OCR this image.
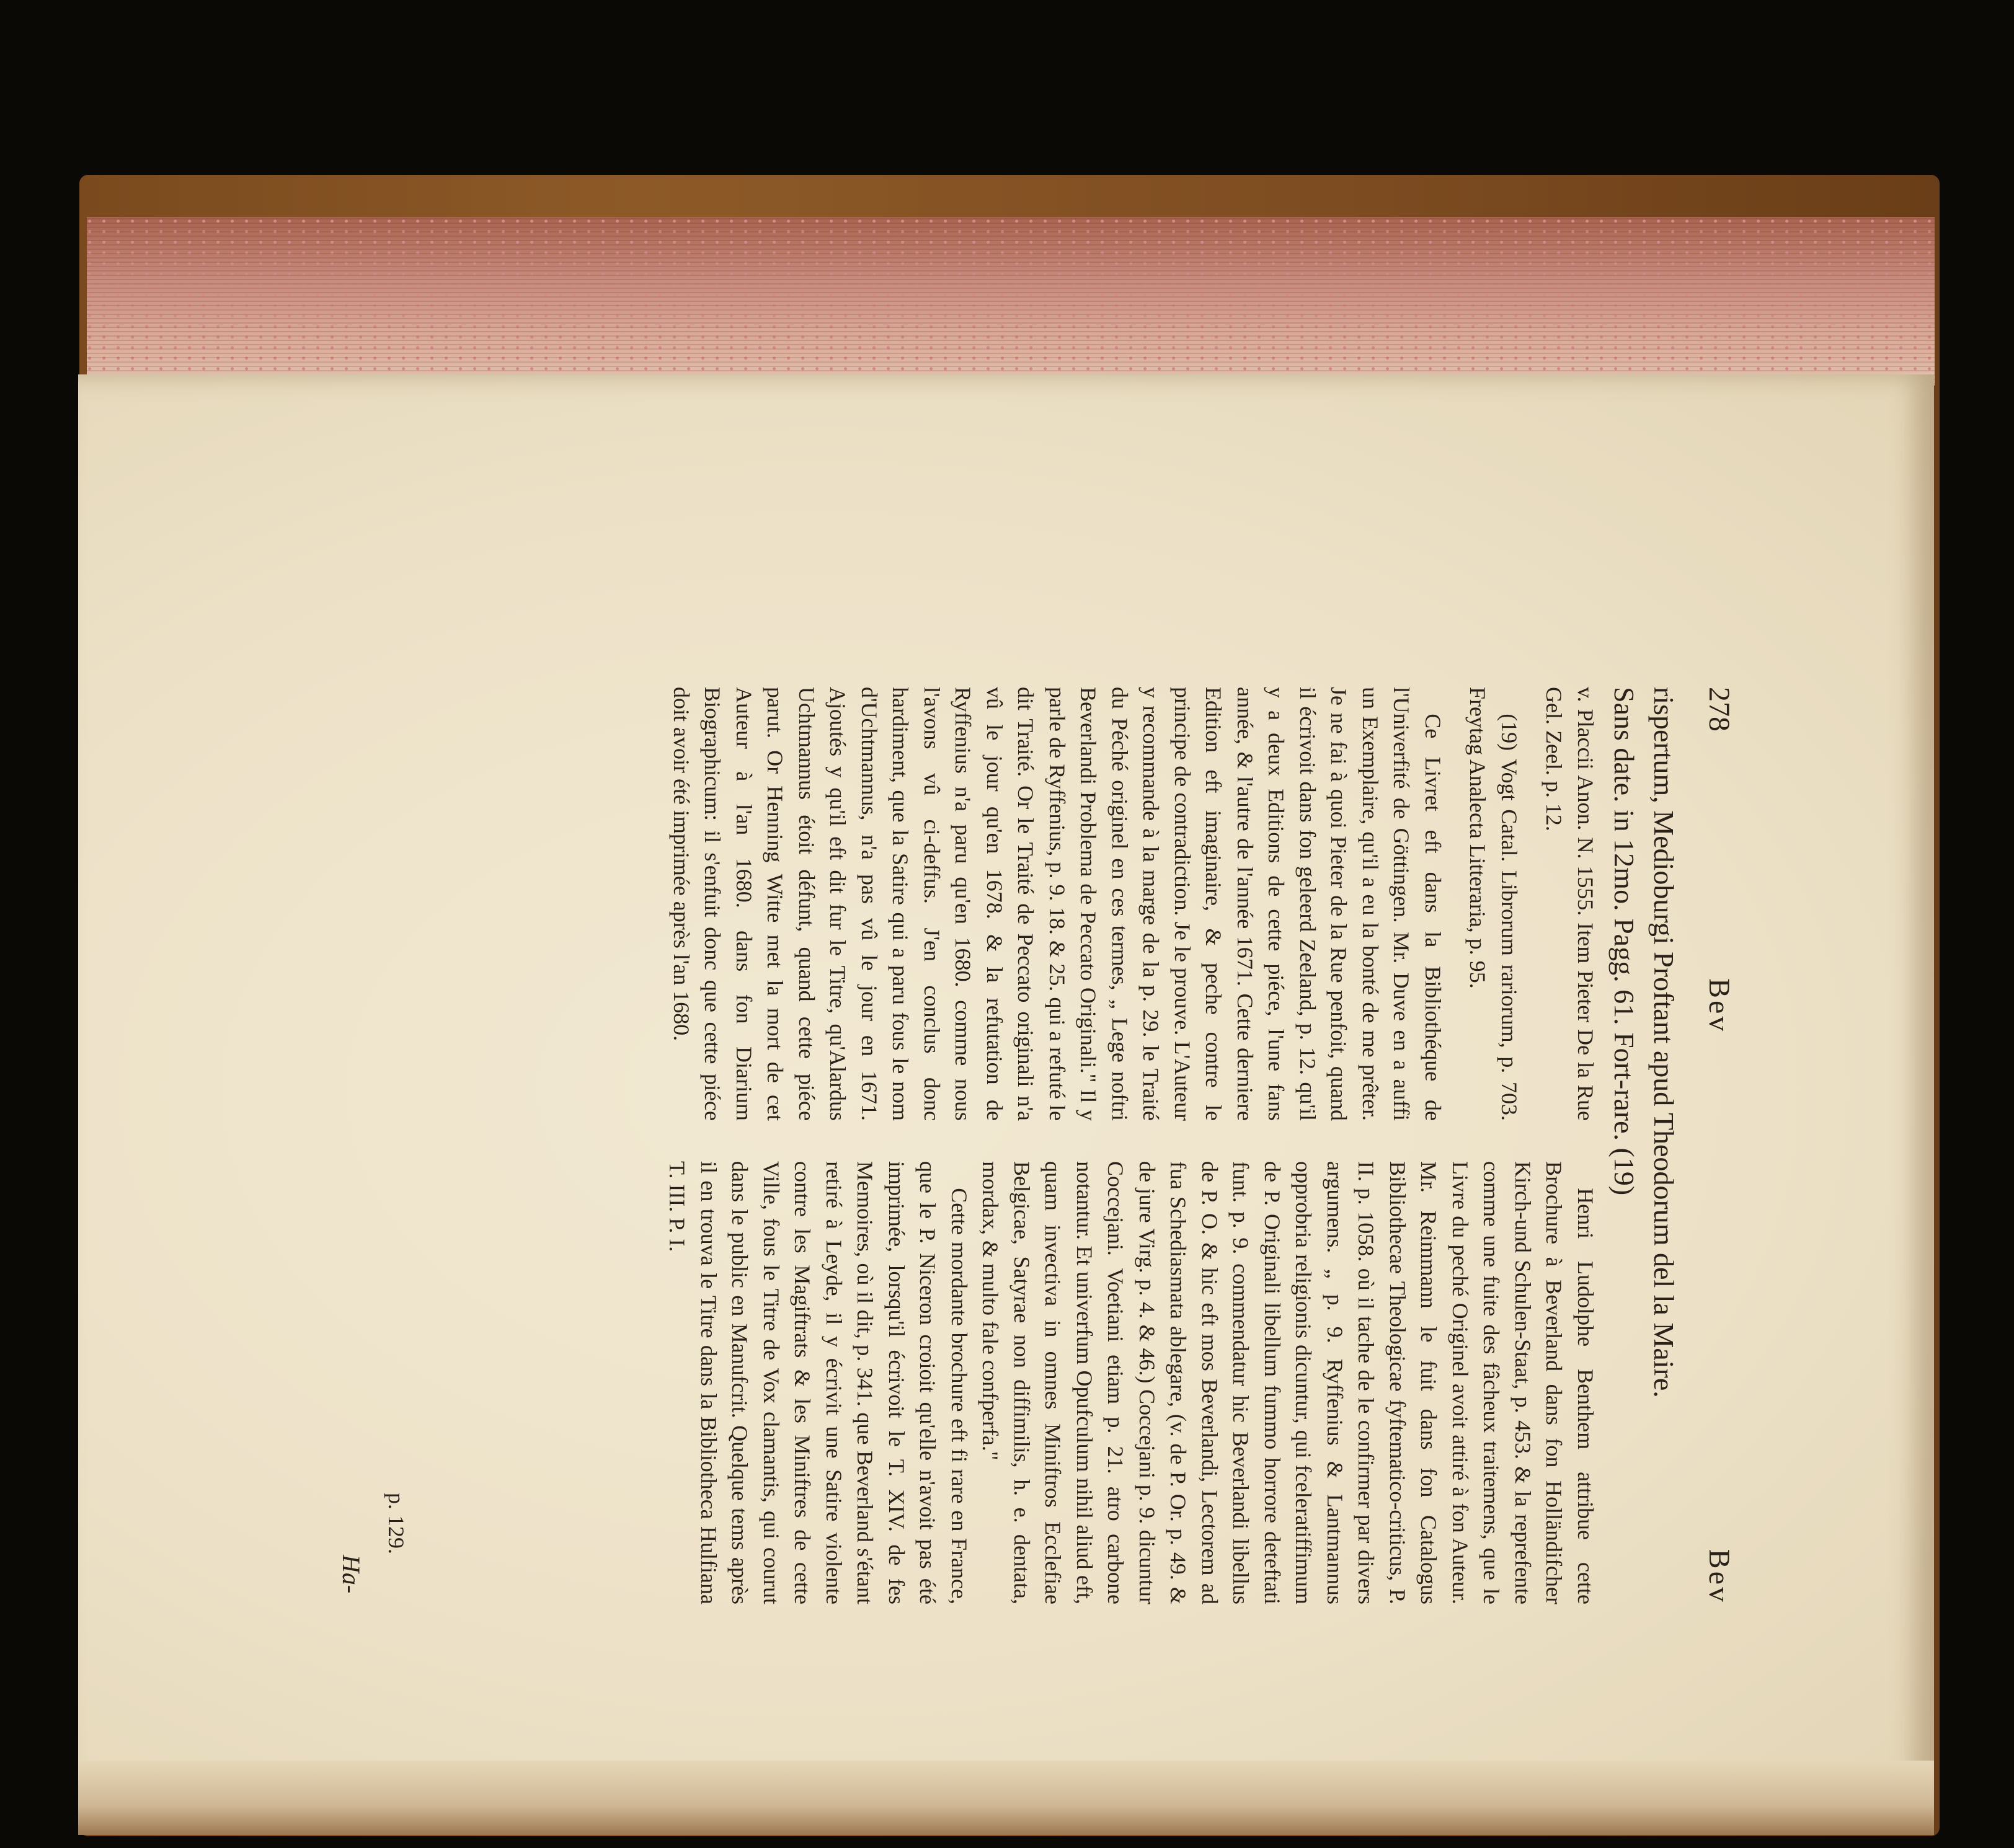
278
Bev
Bev
rispertum, Medioburgi Proftant apud Theodorum del la Maire.
Sans date. in 12mo. Pagg. 61. Fort-rare. (19)

v. Placcii Anon. N. 1555. Item Pieter De la Rue Gel. Zeel. p. 12.

(19) Vogt Catal. Librorum rariorum, p. 703. Freytag Analecta Litteraria, p. 95.

Ce Livret eft dans la Bibliothéque de l'Univerfité de Göttingen. Mr. Duve en a auffi un Exemplaire, qu'il a eu la bonté de me prêter. Je ne fai à quoi Pieter de la Rue penfoit, quand il écrivoit dans fon geleerd Zeeland, p. 12. qu'il y a deux Editions de cette piéce, l'une fans année, & l'autre de l'année 1671. Cette derniere Edition eft imaginaire, & peche contre le principe de contradiction. Je le prouve. L'Auteur y recommande à la marge de la p. 29. le Traité du Péché originel en ces termes, „ Lege noftri Beverlandi Problema de Peccato Originali." Il y parle de Ryffenius, p. 9. 18. & 25. qui a refuté le dit Traité. Or le Traité de Peccato originali n'a vû le jour qu'en 1678. & la refutation de Ryffenius n'a paru qu'en 1680. comme nous l'avons vû ci-deffus. J'en conclus donc hardiment, que la Satire qui a paru fous le nom d'Uchtmannus, n'a pas vû le jour en 1671. Ajoutés y qu'il eft dit fur le Titre, qu'Alardus Uchtmannus étoit défunt, quand cette piéce parut. Or Henning Witte met la mort de cet Auteur à l'an 1680. dans fon Diarium Biographicum: il s'enfuit donc que cette piéce doit avoir été imprimée après l'an 1680.

Henri Ludolphe Benthem attribue cette Brochure à Beverland dans fon Holländifcher Kirch-und Schulen-Staat, p. 453. & la reprefente comme une fuite des fâcheux traitemens, que le Livre du peché Originel avoit attiré à fon Auteur. Mr. Reimmann le fuit dans fon Catalogus Bibliothecae Theologicae fyftematico-criticus, P. II. p. 1058. où il tache de le confirmer par divers argumens. „ p. 9. Ryffenius & Lantmannus opprobria religionis dicuntur, qui fceleratiffimum de P. Originali libellum fummo horrore deteftati funt. p. 9. commendatur hic Beverlandi libellus de P. O. & hic eft mos Beverlandi, Lectorem ad fua Schediasmata ablegare, (v. de P. Or. p. 49. & de jure Virg. p. 4. & 46.) Coccejani p. 9. dicuntur Coccejani. Voetiani etiam p. 21. atro carbone notantur. Et univerfum Opufculum nihil aliud eft, quam invectiva in omnes Miniftros Ecclefiae Belgicae, Satyrae non diffimilis, h. e. dentata, mordax, & multo fale confperfa."

Cette mordante brochure eft fi rare en France, que le P. Niceron croioit qu'elle n'avoit pas été imprimée, lorsqu'il écrivoit le T. XIV. de fes Memoires, où il dit, p. 341. que Beverland s'étant retiré à Leyde, il y écrivit une Satire violente contre les Magiftrats & les Miniftres de cette Ville, fous le Titre de Vox clamantis, qui courut dans le public en Manufcrit. Quelque tems après il en trouva le Titre dans la Bibliotheca Hulfiana T. III. P. I.

p. 129.
Ha-
